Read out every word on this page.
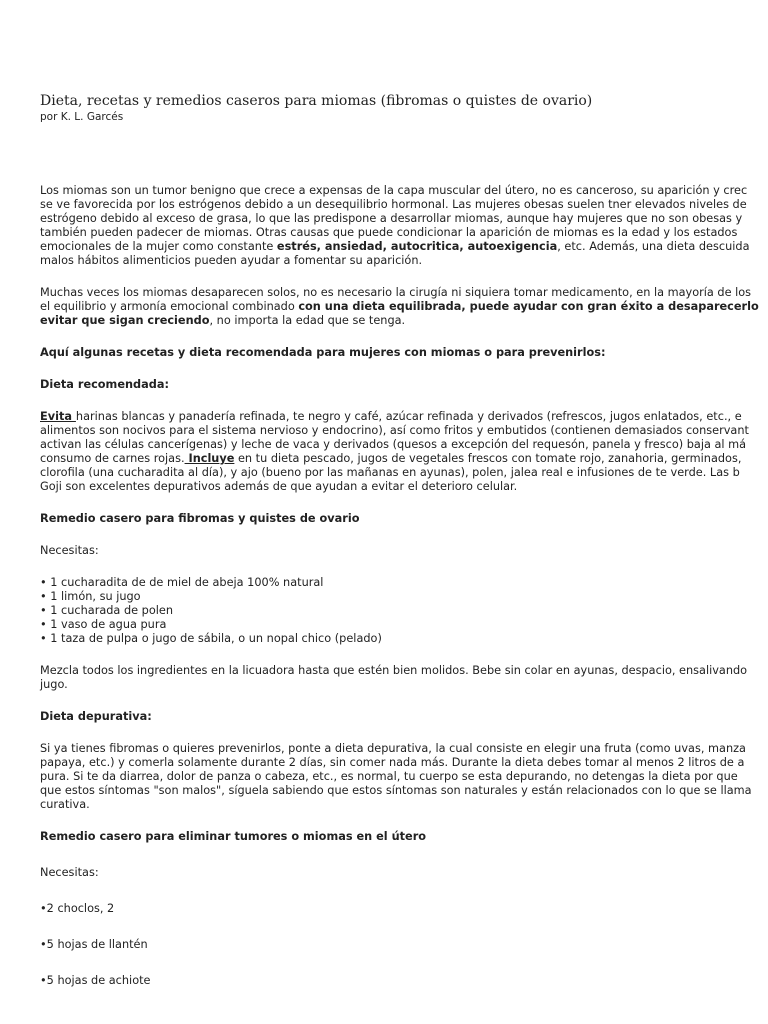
Dieta, recetas y remedios caseros para miomas (fibromas o quistes de ovario)
por K. L. Garcés
Los miomas son un tumor benigno que crece a expensas de la capa muscular del útero, no es canceroso, su aparición y crec
se ve favorecida por los estrógenos debido a un desequilibrio hormonal. Las mujeres obesas suelen tner elevados niveles de
estrógeno debido al exceso de grasa, lo que las predispone a desarrollar miomas, aunque hay mujeres que no son obesas y
también pueden padecer de miomas. Otras causas que puede condicionar la aparición de miomas es la edad y los estados
emocionales de la mujer como constante estrés, ansiedad, autocritica, autoexigencia, etc. Además, una dieta descuida
malos hábitos alimenticios pueden ayudar a fomentar su aparición.
Muchas veces los miomas desaparecen solos, no es necesario la cirugía ni siquiera tomar medicamento, en la mayoría de los
el equilibrio y armonía emocional combinado con una dieta equilibrada, puede ayudar con gran éxito a desaparecerlo
evitar que sigan creciendo, no importa la edad que se tenga.
Aquí algunas recetas y dieta recomendada para mujeres con miomas o para prevenirlos:
Dieta recomendada:
Evita harinas blancas y panadería refinada, te negro y café, azúcar refinada y derivados (refrescos, jugos enlatados, etc., e
alimentos son nocivos para el sistema nervioso y endocrino), así como fritos y embutidos (contienen demasiados conservant
activan las células cancerígenas) y leche de vaca y derivados (quesos a excepción del requesón, panela y fresco) baja al má
consumo de carnes rojas. Incluye en tu dieta pescado, jugos de vegetales frescos con tomate rojo, zanahoria, germinados,
clorofila (una cucharadita al día), y ajo (bueno por las mañanas en ayunas), polen, jalea real e infusiones de te verde. Las b
Goji son excelentes depurativos además de que ayudan a evitar el deterioro celular.
Remedio casero para fibromas y quistes de ovario
Necesitas:
• 1 cucharadita de de miel de abeja 100% natural
• 1 limón, su jugo
• 1 cucharada de polen
• 1 vaso de agua pura
• 1 taza de pulpa o jugo de sábila, o un nopal chico (pelado)
Mezcla todos los ingredientes en la licuadora hasta que estén bien molidos. Bebe sin colar en ayunas, despacio, ensalivando
jugo.
Dieta depurativa:
Si ya tienes fibromas o quieres prevenirlos, ponte a dieta depurativa, la cual consiste en elegir una fruta (como uvas, manza
papaya, etc.) y comerla solamente durante 2 días, sin comer nada más. Durante la dieta debes tomar al menos 2 litros de a
pura. Si te da diarrea, dolor de panza o cabeza, etc., es normal, tu cuerpo se esta depurando, no detengas la dieta por que
que estos síntomas "son malos", síguela sabiendo que estos síntomas son naturales y están relacionados con lo que se llama
curativa.
Remedio casero para eliminar tumores o miomas en el útero
Necesitas:
•2 choclos, 2
•5 hojas de llantén
•5 hojas de achiote
